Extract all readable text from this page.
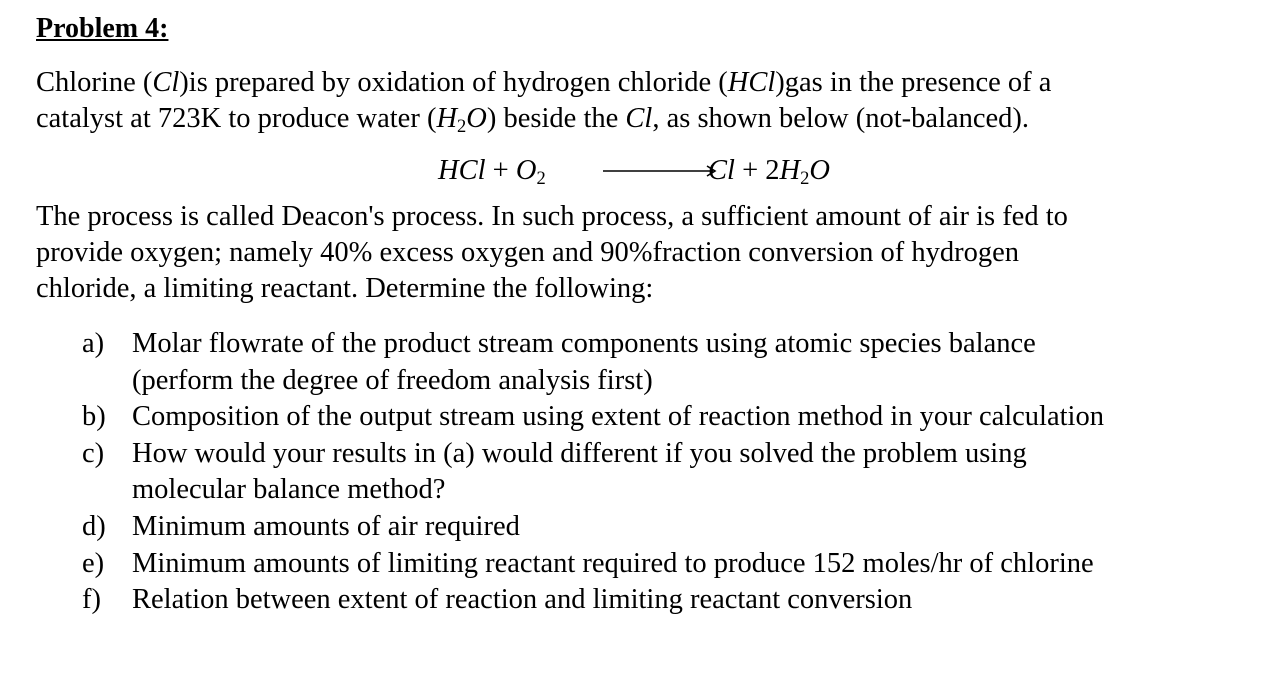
Problem 4:

Chlorine (Cl)is prepared by oxidation of hydrogen chloride (HCl)gas in the presence of a
catalyst at 723K to produce water $(H_2O)$ beside the Cl, as shown below (not-balanced).

HCl + $O_2$	$Cl + 2H_2O$

The process is called Deacon's process. In such process, a sufficient amount of air is fed to
provide oxygen; namely 40% excess oxygen and 90%fraction conversion of hydrogen
chloride, a limiting reactant. Determine the following:

a) Molar flowrate of the product stream components using atomic species balance
(perform the degree of freedom analysis first)
b) Composition of the output stream using extent of reaction method in your calculation
c) How would your results in (a) would different if you solved the problem using
molecular balance method?
d) Minimum amounts of air required
e) Minimum amounts of limiting reactant required to produce 152 moles/hr of chlorine
f) Relation between extent of reaction and limiting reactant conversion
